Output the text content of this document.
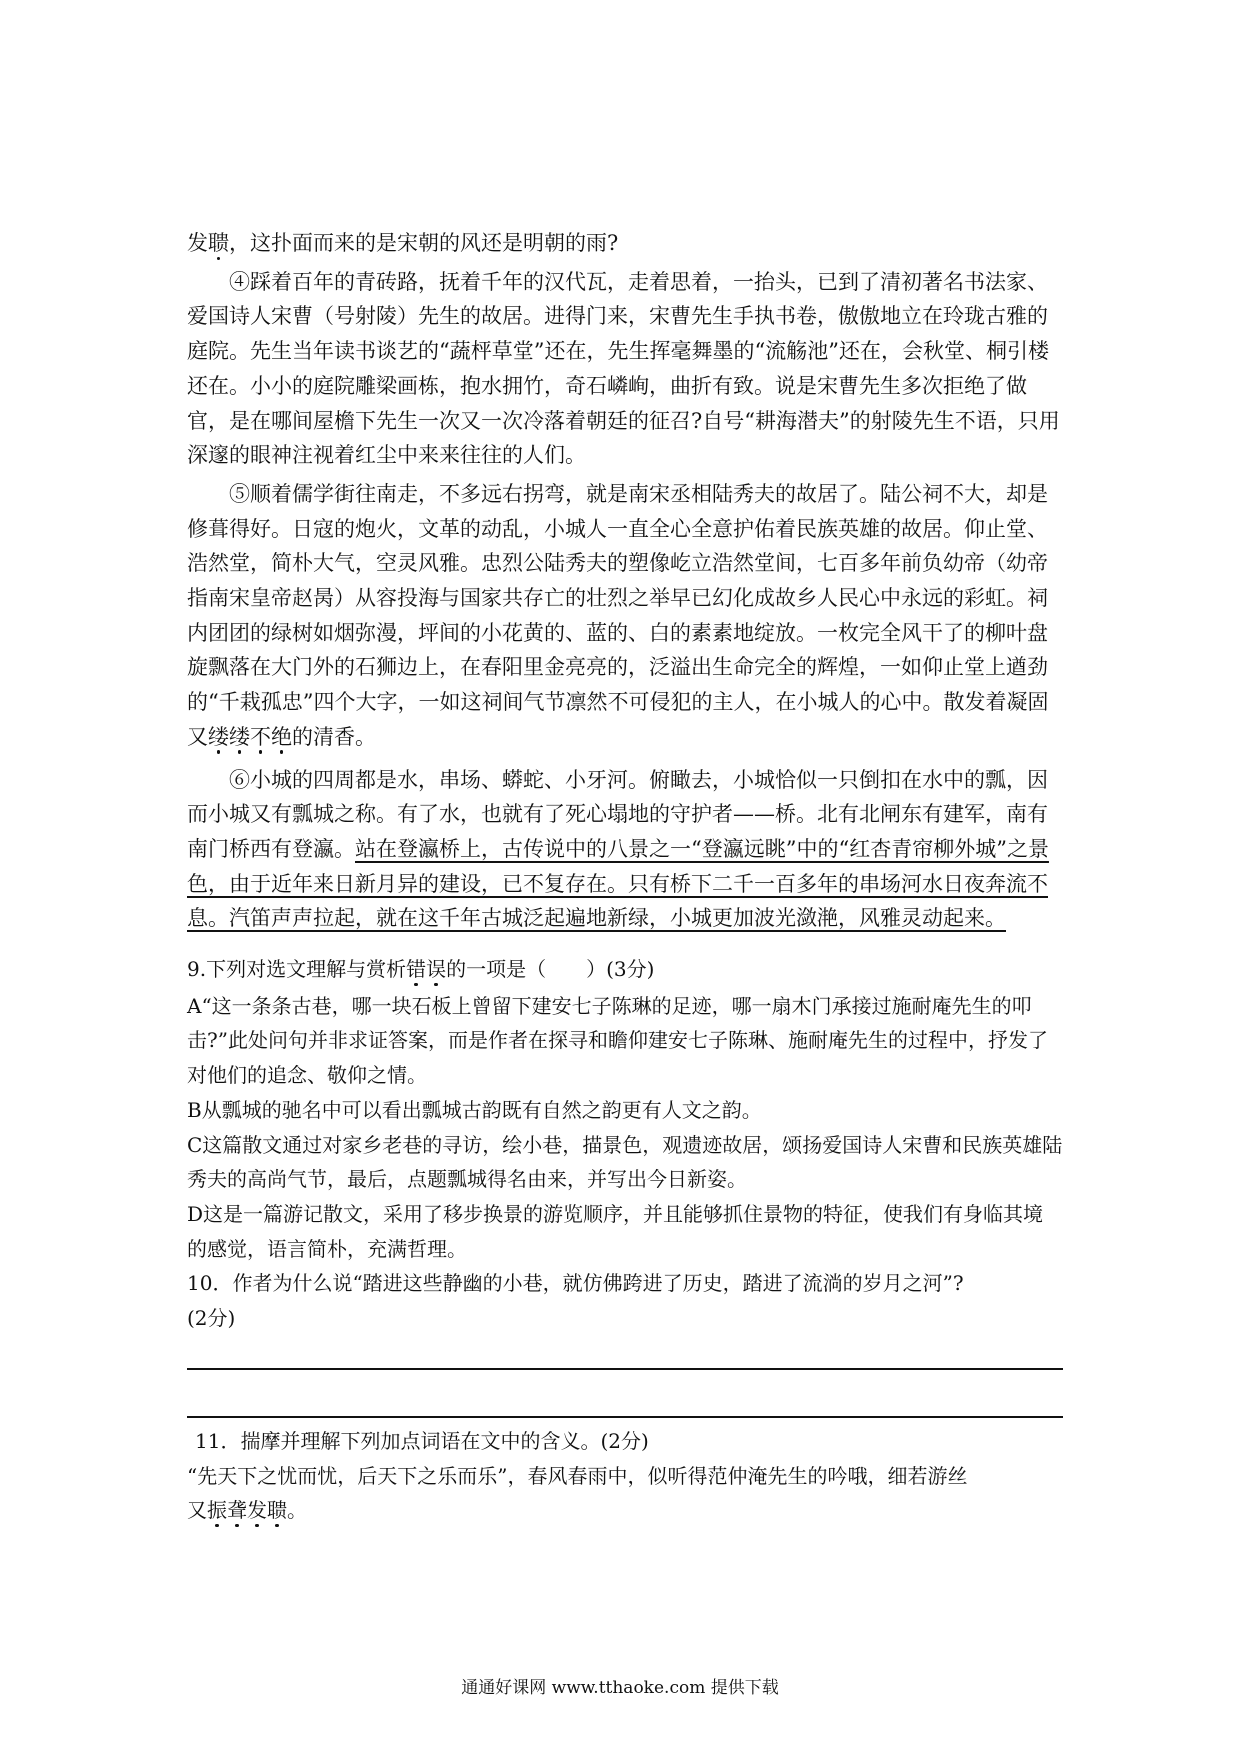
发聩，这扑面而来的是宋朝的风还是明朝的雨?

④踩着百年的青砖路，抚着千年的汉代瓦，走着思着，一抬头，已到了清初著名书法家、爱国诗人宋曹（号射陵）先生的故居。进得门来，宋曹先生手执书卷，傲傲地立在玲珑古雅的庭院。先生当年读书谈艺的“蔬枰草堂”还在，先生挥毫舞墨的“流觞池”还在，会秋堂、桐引楼还在。小小的庭院雕梁画栋，抱水拥竹，奇石嶙峋，曲折有致。说是宋曹先生多次拒绝了做官，是在哪间屋檐下先生一次又一次冷落着朝廷的征召?自号“耕海潜夫”的射陵先生不语，只用深邃的眼神注视着红尘中来来往往的人们。

⑤顺着儒学街往南走，不多远右拐弯，就是南宋丞相陆秀夫的故居了。陆公祠不大，却是修葺得好。日寇的炮火，文革的动乱，小城人一直全心全意护佑着民族英雄的故居。仰止堂、浩然堂，简朴大气，空灵风雅。忠烈公陆秀夫的塑像屹立浩然堂间，七百多年前负幼帝（幼帝指南宋皇帝赵昺）从容投海与国家共存亡的壮烈之举早已幻化成故乡人民心中永远的彩虹。祠内团团的绿树如烟弥漫，坪间的小花黄的、蓝的、白的素素地绽放。一枚完全风干了的柳叶盘旋飘落在大门外的石狮边上，在春阳里金亮亮的，泛溢出生命完全的辉煌，一如仰止堂上遒劲的“千栽孤忠”四个大字，一如这祠间气节凛然不可侵犯的主人，在小城人的心中。散发着凝固又缕缕不绝的清香。

⑥小城的四周都是水，串场、蟒蛇、小牙河。俯瞰去，小城恰似一只倒扣在水中的瓢，因而小城又有瓢城之称。有了水，也就有了死心塌地的守护者——桥。北有北闸东有建军，南有南门桥西有登瀛。站在登瀛桥上，古传说中的八景之一“登瀛远眺”中的“红杏青帘柳外城”之景色，由于近年来日新月异的建设，已不复存在。只有桥下二千一百多年的串场河水日夜奔流不息。汽笛声声拉起，就在这千年古城泛起遍地新绿，小城更加波光潋滟，风雅灵动起来。

9.下列对选文理解与赏析错误的一项是（　　）(3分)

A“这一条条古巷，哪一块石板上曾留下建安七子陈琳的足迹，哪一扇木门承接过施耐庵先生的叩击?”此处问句并非求证答案，而是作者在探寻和瞻仰建安七子陈琳、施耐庵先生的过程中，抒发了对他们的追念、敬仰之情。

B从瓢城的驰名中可以看出瓢城古韵既有自然之韵更有人文之韵。

C这篇散文通过对家乡老巷的寻访，绘小巷，描景色，观遗迹故居，颂扬爱国诗人宋曹和民族英雄陆秀夫的高尚气节，最后，点题瓢城得名由来，并写出今日新姿。

D这是一篇游记散文，采用了移步换景的游览顺序，并且能够抓住景物的特征，使我们有身临其境的感觉，语言简朴，充满哲理。

10．作者为什么说“踏进这些静幽的小巷，就仿佛跨进了历史，踏进了流淌的岁月之河”?

(2分)

11．揣摩并理解下列加点词语在文中的含义。(2分)

“先天下之忧而忧，后天下之乐而乐”，春风春雨中，似听得范仲淹先生的吟哦，细若游丝

又振聋发聩。

通通好课网 www.tthaoke.com 提供下载
